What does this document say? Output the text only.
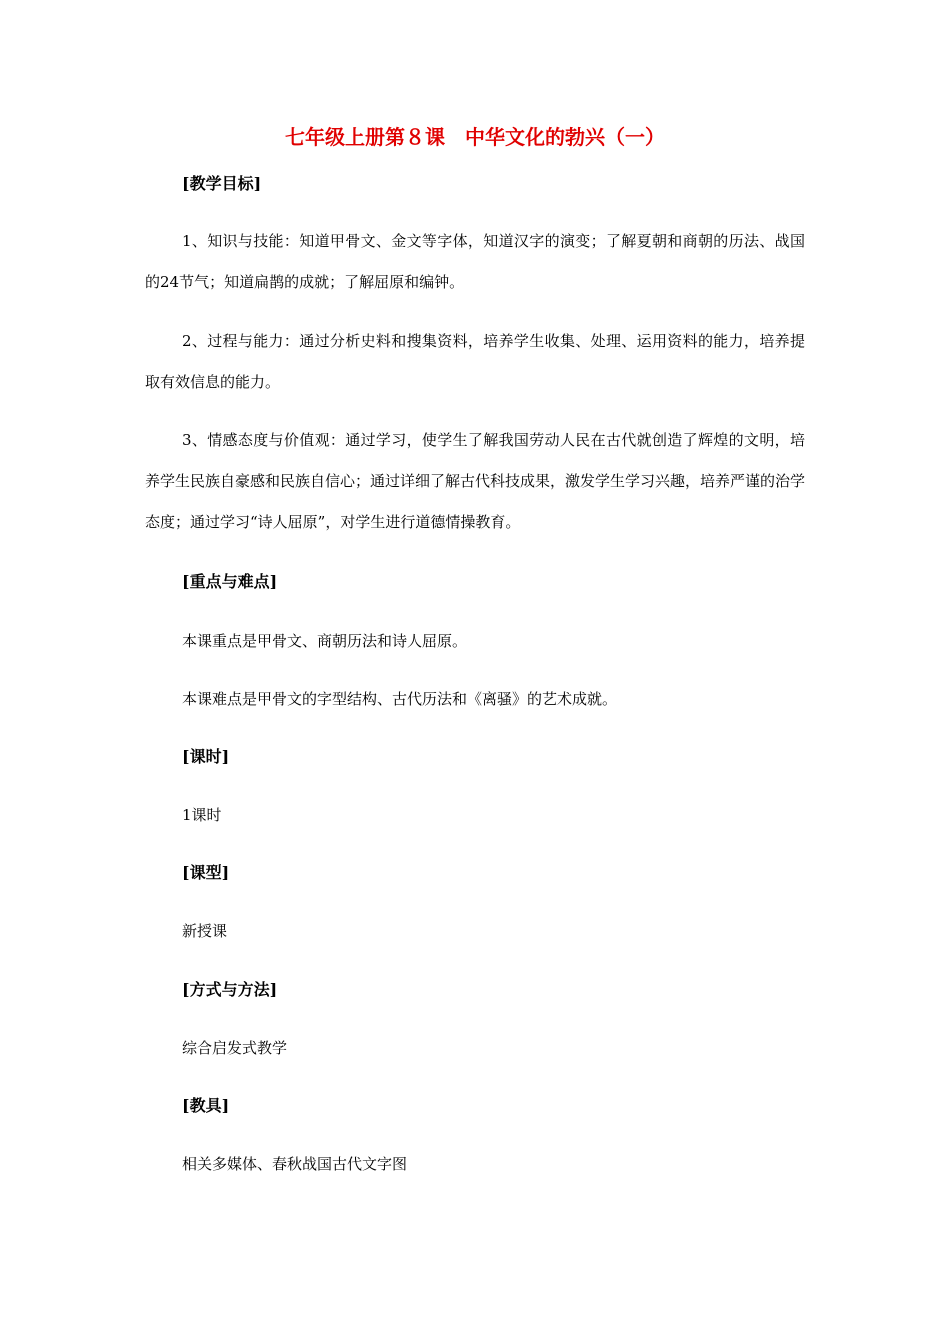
七年级上册第８课　中华文化的勃兴（一）
[教学目标]
1、知识与技能：知道甲骨文、金文等字体，知道汉字的演变；了解夏朝和商朝的历法、战国的24节气；知道扁鹊的成就；了解屈原和编钟。
2、过程与能力：通过分析史料和搜集资料，培养学生收集、处理、运用资料的能力，培养提取有效信息的能力。
3、情感态度与价值观：通过学习，使学生了解我国劳动人民在古代就创造了辉煌的文明，培养学生民族自豪感和民族自信心；通过详细了解古代科技成果，激发学生学习兴趣，培养严谨的治学态度；通过学习“诗人屈原”，对学生进行道德情操教育。
[重点与难点]
本课重点是甲骨文、商朝历法和诗人屈原。
本课难点是甲骨文的字型结构、古代历法和《离骚》的艺术成就。
[课时]
1课时
[课型]
新授课
[方式与方法]
综合启发式教学
[教具]
相关多媒体、春秋战国古代文字图
